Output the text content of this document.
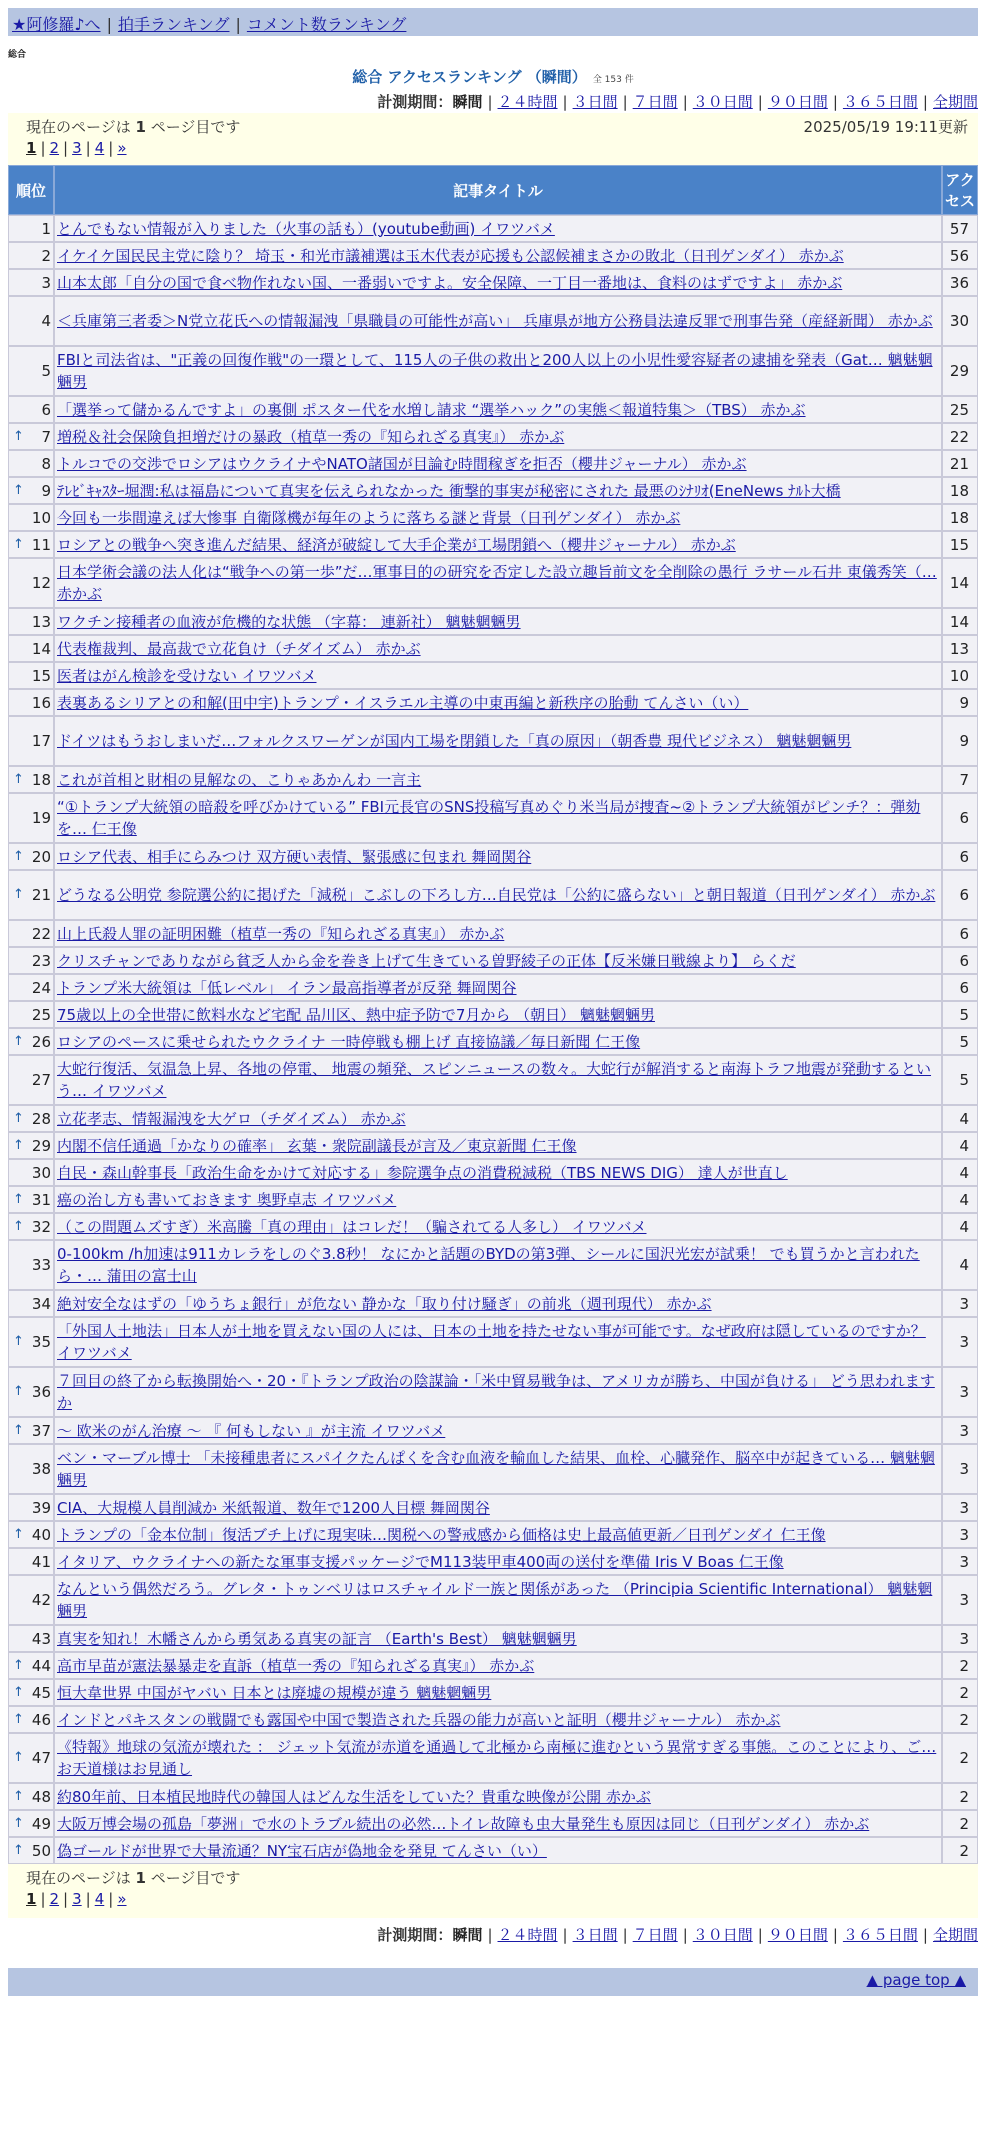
★阿修羅♪へ | 拍手ランキング | コメント数ランキング
総合
総合 アクセスランキング （瞬間） 全 153 件
計測期間：瞬間 | ２４時間 | ３日間 | ７日間 | ３０日間 | ９０日間 | ３６５日間 | 全期間
現在のページは 1 ページ目です	2025/05/19 19:11更新
1 | 2 | 3 | 4 | »
順位	記事タイトル	アクセス
1	とんでもない情報が入りました（火事の話も）(youtube動画) イワツバメ	57
2	イケイケ国民民主党に陰り？ 埼玉・和光市議補選は玉木代表が応援も公認候補まさかの敗北（日刊ゲンダイ） 赤かぶ	56
3	山本太郎「自分の国で食べ物作れない国、一番弱いですよ。安全保障、一丁目一番地は、食料のはずですよ」 赤かぶ	36
4	＜兵庫第三者委＞N党立花氏への情報漏洩「県職員の可能性が高い」 兵庫県が地方公務員法違反罪で刑事告発（産経新聞） 赤かぶ	30
5	FBIと司法省は、"正義の回復作戦"の一環として、115人の子供の救出と200人以上の小児性愛容疑者の逮捕を発表（Gat… 魑魅魍魎男	29
6	「選挙って儲かるんですよ」の裏側 ポスター代を水増し請求 “選挙ハック”の実態＜報道特集＞（TBS） 赤かぶ	25

↑ 7	増税＆社会保険負担増だけの暴政（植草一秀の『知られざる真実』） 赤かぶ	22
8	トルコでの交渉でロシアはウクライナやNATO諸国が目論む時間稼ぎを拒否（櫻井ジャーナル） 赤かぶ	21

↑ 9	ﾃﾚﾋﾞｷｬｽﾀｰ堀潤:私は福島について真実を伝えられなかった 衝撃的事実が秘密にされた 最悪のｼﾅﾘｵ(EneNews ﾅﾙﾄ大橋	18
10	今回も一歩間違えば大惨事 自衛隊機が毎年のように落ちる謎と背景（日刊ゲンダイ） 赤かぶ	18

↑ 11	ロシアとの戦争へ突き進んだ結果、経済が破綻して大手企業が工場閉鎖へ（櫻井ジャーナル） 赤かぶ	15
12	日本学術会議の法人化は“戦争への第一歩”だ…軍事目的の研究を否定した設立趣旨前文を全削除の愚行 ラサール石井 東儀秀笑（… 赤かぶ	14
13	ワクチン接種者の血液が危機的な状態 （字幕： 連新社） 魑魅魍魎男	14
14	代表権裁判、最高裁で立花負け（チダイズム） 赤かぶ	13
15	医者はがん検診を受けない イワツバメ	10
16	表裏あるシリアとの和解(田中宇)トランプ・イスラエル主導の中東再編と新秩序の胎動 てんさい（い）	9
17	ドイツはもうおしまいだ…フォルクスワーゲンが国内工場を閉鎖した「真の原因」（朝香豊 現代ビジネス） 魑魅魍魎男	9

↑ 18	これが首相と財相の見解なの、こりゃあかんわ 一言主	7
19	“①トランプ大統領の暗殺を呼びかけている” FBI元長官のSNS投稿写真めぐり米当局が捜査~②トランプ大統領がピンチ？：弾劾を… 仁王像	6

↑ 20	ロシア代表、相手にらみつけ 双方硬い表情、緊張感に包まれ 舞岡関谷	6

↑ 21	どうなる公明党 参院選公約に掲げた「減税」こぶしの下ろし方…自民党は「公約に盛らない」と朝日報道（日刊ゲンダイ） 赤かぶ	6
22	山上氏殺人罪の証明困難（植草一秀の『知られざる真実』） 赤かぶ	6
23	クリスチャンでありながら貧乏人から金を巻き上げて生きている曽野綾子の正体【反米嫌日戦線より】 らくだ	6
24	トランプ米大統領は「低レベル」 イラン最高指導者が反発 舞岡関谷	6
25	75歳以上の全世帯に飲料水など宅配 品川区、熱中症予防で7月から （朝日） 魑魅魍魎男	5

↑ 26	ロシアのペースに乗せられたウクライナ 一時停戦も棚上げ 直接協議／毎日新聞 仁王像	5
27	大蛇行復活、気温急上昇、各地の停電、 地震の頻発、スピンニュースの数々。大蛇行が解消すると南海トラフ地震が発動するという… イワツバメ	5

↑ 28	立花孝志、情報漏洩を大ゲロ（チダイズム） 赤かぶ	4

↑ 29	内閣不信任通過「かなりの確率」 玄葉・衆院副議長が言及／東京新聞 仁王像	4
30	自民・森山幹事長「政治生命をかけて対応する」参院選争点の消費税減税（TBS NEWS DIG） 達人が世直し	4

↑ 31	癌の治し方も書いておきます 奥野卓志 イワツバメ	4

↑ 32	（この問題ムズすぎ）米高騰「真の理由」はコレだ！（騙されてる人多し） イワツバメ	4
33	0-100km /h加速は911カレラをしのぐ3.8秒！ なにかと話題のBYDの第3弾、シールに国沢光宏が試乗！ でも買うかと言われたら・… 蒲田の富士山	4
34	絶対安全なはずの「ゆうちょ銀行」が危ない 静かな「取り付け騒ぎ」の前兆（週刊現代） 赤かぶ	3

↑ 35	「外国人土地法」日本人が土地を買えない国の人には、日本の土地を持たせない事が可能です。なぜ政府は隠しているのですか？ イワツバメ	3

↑ 36	７回目の終了から転換開始へ・20・『トランプ政治の陰謀論・「米中貿易戦争は、アメリカが勝ち、中国が負ける」 どう思われますか	3

↑ 37	～ 欧米のがん治療 ～ 『 何もしない 』が主流 イワツバメ	3
38	ベン・マーブル博士 「未接種患者にスパイクたんぱくを含む血液を輸血した結果、血栓、心臓発作、脳卒中が起きている… 魑魅魍魎男	3
39	CIA、大規模人員削減か 米紙報道、数年で1200人目標 舞岡関谷	3

↑ 40	トランプの「金本位制」復活ブチ上げに現実味…関税への警戒感から価格は史上最高値更新／日刊ゲンダイ 仁王像	3
41	イタリア、ウクライナへの新たな軍事支援パッケージでM113装甲車400両の送付を準備 Iris V Boas 仁王像	3
42	なんという偶然だろう。グレタ・トゥンベリはロスチャイルド一族と関係があった （Principia Scientific International） 魑魅魍魎男	3
43	真実を知れ！木幡さんから勇気ある真実の証言 （Earth's Best） 魑魅魍魎男	3

↑ 44	高市早苗が憲法暴暴走を直訴（植草一秀の『知られざる真実』） 赤かぶ	2

↑ 45	恒大韋世界 中国がヤバい 日本とは廃墟の規模が違う 魑魅魍魎男	2

↑ 46	インドとパキスタンの戦闘でも露国や中国で製造された兵器の能力が高いと証明（櫻井ジャーナル） 赤かぶ	2

↑ 47	《特報》地球の気流が壊れた ： ジェット気流が赤道を通過して北極から南極に進むという異常すぎる事態。このことにより、ご… お天道様はお見通し	2

↑ 48	約80年前、日本植民地時代の韓国人はどんな生活をしていた？貴重な映像が公開 赤かぶ	2

↑ 49	大阪万博会場の孤島「夢洲」で水のトラブル続出の必然…トイレ故障も虫大量発生も原因は同じ（日刊ゲンダイ） 赤かぶ	2

↑ 50	偽ゴールドが世界で大量流通？NY宝石店が偽地金を発見 てんさい（い）	2
現在のページは 1 ページ目です
1 | 2 | 3 | 4 | »
計測期間：瞬間 | ２４時間 | ３日間 | ７日間 | ３０日間 | ９０日間 | ３６５日間 | 全期間
▲ page top ▲
